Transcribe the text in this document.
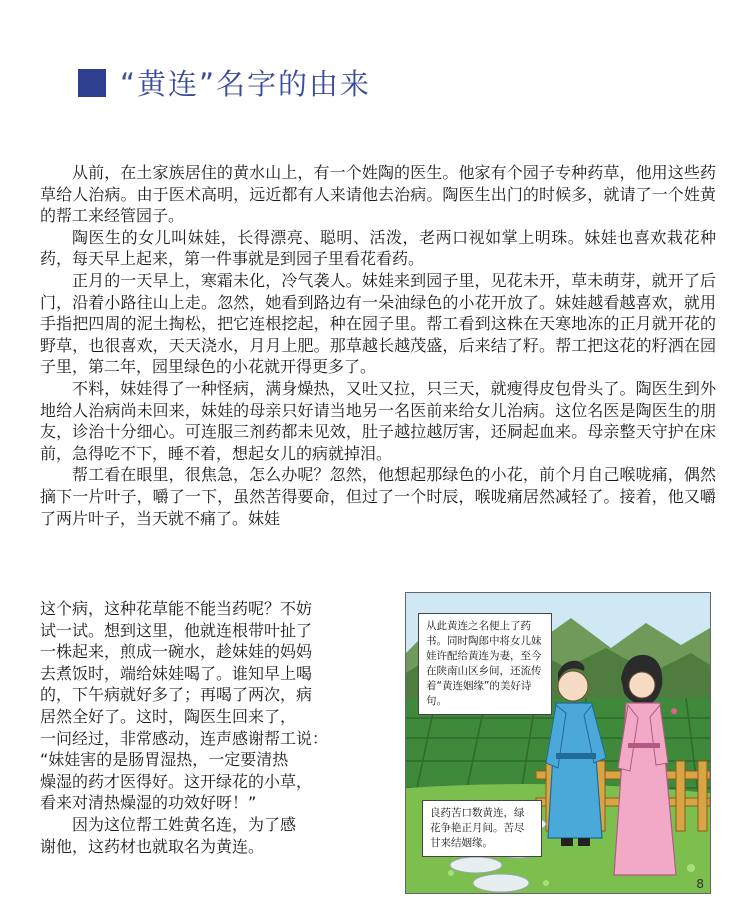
“黄连”名字的由来

从前，在土家族居住的黄水山上，有一个姓陶的医生。他家有个园子专种药草，他用这些药草给人治病。由于医术高明，远近都有人来请他去治病。陶医生出门的时候多，就请了一个姓黄的帮工来经管园子。

陶医生的女儿叫妹娃，长得漂亮、聪明、活泼，老两口视如掌上明珠。妹娃也喜欢栽花种药，每天早上起来，第一件事就是到园子里看花看药。

正月的一天早上，寒霜未化，冷气袭人。妹娃来到园子里，见花未开，草未萌芽，就开了后门，沿着小路往山上走。忽然，她看到路边有一朵油绿色的小花开放了。妹娃越看越喜欢，就用手指把四周的泥土掏松，把它连根挖起，种在园子里。帮工看到这株在天寒地冻的正月就开花的野草，也很喜欢，天天浇水，月月上肥。那草越长越茂盛，后来结了籽。帮工把这花的籽洒在园子里，第二年，园里绿色的小花就开得更多了。

不料，妹娃得了一种怪病，满身燥热，又吐又拉，只三天，就瘦得皮包骨头了。陶医生到外地给人治病尚未回来，妹娃的母亲只好请当地另一名医前来给女儿治病。这位名医是陶医生的朋友，诊治十分细心。可连服三剂药都未见效，肚子越拉越厉害，还屙起血来。母亲整天守护在床前，急得吃不下，睡不着，想起女儿的病就掉泪。

帮工看在眼里，很焦急，怎么办呢？忽然，他想起那绿色的小花，前个月自己喉咙痛，偶然摘下一片叶子，嚼了一下，虽然苦得要命，但过了一个时辰，喉咙痛居然减轻了。接着，他又嚼了两片叶子，当天就不痛了。妹娃

这个病，这种花草能不能当药呢？不妨
试一试。想到这里，他就连根带叶扯了
一株起来，煎成一碗水，趁妹娃的妈妈
去煮饭时，端给妹娃喝了。谁知早上喝
的，下午病就好多了；再喝了两次，病
居然全好了。这时，陶医生回来了，
一问经过，非常感动，连声感谢帮工说：
“妹娃害的是肠胃湿热，一定要清热
燥湿的药才医得好。这开绿花的小草，
看来对清热燥湿的功效好呀！”
因为这位帮工姓黄名连，为了感
谢他，这药材也就取名为黄连。
从此黄连之名便上了药书。同时陶郎中将女儿妹娃许配给黄连为妻，至今在陕南山区乡间，还流传着“黄连姻缘”的美好诗句。
良药苦口数黄连，绿花争艳正月间。苦尽甘来结姻缘。
8
